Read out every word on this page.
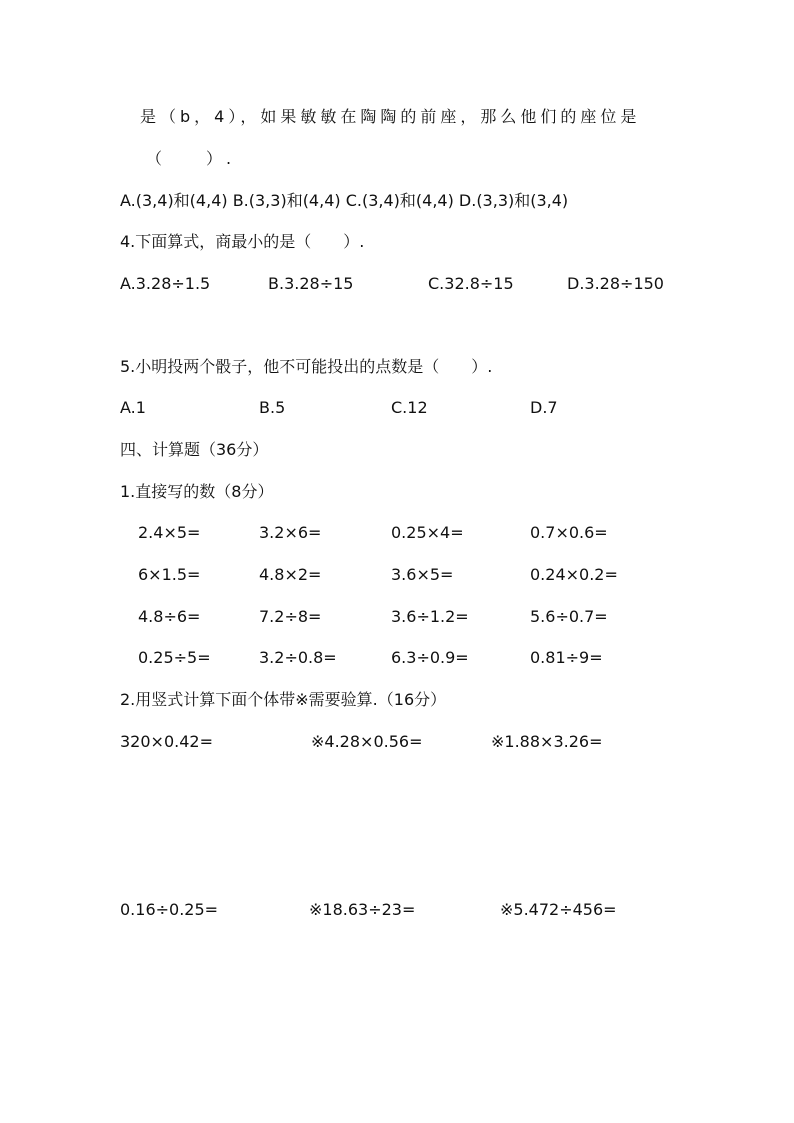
是（b，4），如果敏敏在陶陶的前座，那么他们的座位是
（　　）.
A.(3,4)和(4,4) B.(3,3)和(4,4) C.(3,4)和(4,4) D.(3,3)和(3,4)
4.下面算式，商最小的是（　　）.
A.3.28÷1.5	B.3.28÷15	C.32.8÷15	D.3.28÷150
5.小明投两个骰子，他不可能投出的点数是（　　）.
A.1	B.5	C.12	D.7
四、计算题（36分）
1.直接写的数（8分）
2.4×5=	3.2×6=	0.25×4=	0.7×0.6=
6×1.5=	4.8×2=	3.6×5=	0.24×0.2=
4.8÷6=	7.2÷8=	3.6÷1.2=	5.6÷0.7=
0.25÷5=	3.2÷0.8=	6.3÷0.9=	0.81÷9=
2.用竖式计算下面个体带※需要验算.（16分）
320×0.42=	※4.28×0.56=	※1.88×3.26=
0.16÷0.25=	※18.63÷23=	※5.472÷456=
